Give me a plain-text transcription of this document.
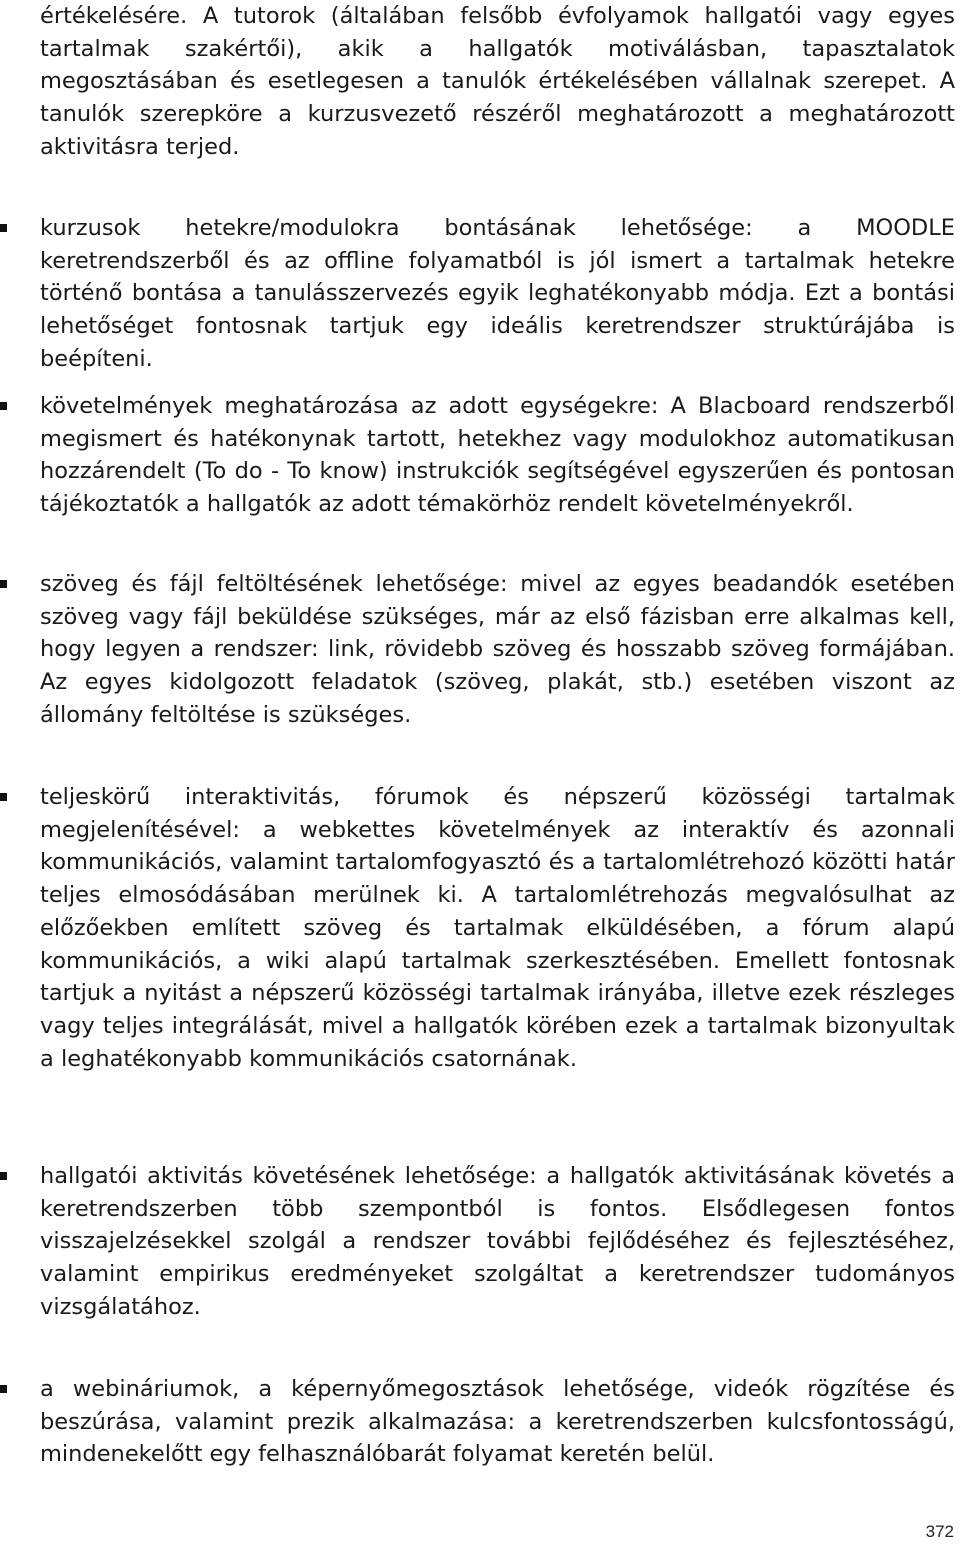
értékelésére. A tutorok (általában felsőbb évfolyamok hallgatói vagy egyes tartalmak szakértői), akik a hallgatók motiválásban, tapasztalatok megosztásában és esetlegesen a tanulók értékelésében vállalnak szerepet. A tanulók szerepköre a kurzusvezető részéről meghatározott a meghatározott aktivitásra terjed.

kurzusok hetekre/modulokra bontásának lehetősége: a MOODLE keretrendszerből és az offline folyamatból is jól ismert a tartalmak hetekre történő bontása a tanulásszervezés egyik leghatékonyabb módja. Ezt a bontási lehetőséget fontosnak tartjuk egy ideális keretrendszer struktúrájába is beépíteni.

követelmények meghatározása az adott egységekre: A Blacboard rendszerből megismert és hatékonynak tartott, hetekhez vagy modulokhoz automatikusan hozzárendelt (To do - To know) instrukciók segítségével egyszerűen és pontosan tájékoztatók a hallgatók az adott témakörhöz rendelt követelményekről.

szöveg és fájl feltöltésének lehetősége: mivel az egyes beadandók esetében szöveg vagy fájl beküldése szükséges, már az első fázisban erre alkalmas kell, hogy legyen a rendszer: link, rövidebb szöveg és hosszabb szöveg formájában. Az egyes kidolgozott feladatok (szöveg, plakát, stb.) esetében viszont az állomány feltöltése is szükséges.

teljeskörű interaktivitás, fórumok és népszerű közösségi tartalmak megjelenítésével: a webkettes követelmények az interaktív és azonnali kommunikációs, valamint tartalomfogyasztó és a tartalomlétrehozó közötti határ teljes elmosódásában merülnek ki. A tartalomlétrehozás megvalósulhat az előzőekben említett szöveg és tartalmak elküldésében, a fórum alapú kommunikációs, a wiki alapú tartalmak szerkesztésében. Emellett fontosnak tartjuk a nyitást a népszerű közösségi tartalmak irányába, illetve ezek részleges vagy teljes integrálását, mivel a hallgatók körében ezek a tartalmak bizonyultak a leghatékonyabb kommunikációs csatornának.

hallgatói aktivitás követésének lehetősége: a hallgatók aktivitásának követés a keretrendszerben több szempontból is fontos. Elsődlegesen fontos visszajelzésekkel szolgál a rendszer további fejlődéséhez és fejlesztéséhez, valamint empirikus eredményeket szolgáltat a keretrendszer tudományos vizsgálatához.

a webináriumok, a képernyőmegosztások lehetősége, videók rögzítése és beszúrása, valamint prezik alkalmazása: a keretrendszerben kulcsfontosságú, mindenekelőtt egy felhasználóbarát folyamat keretén belül.

372
